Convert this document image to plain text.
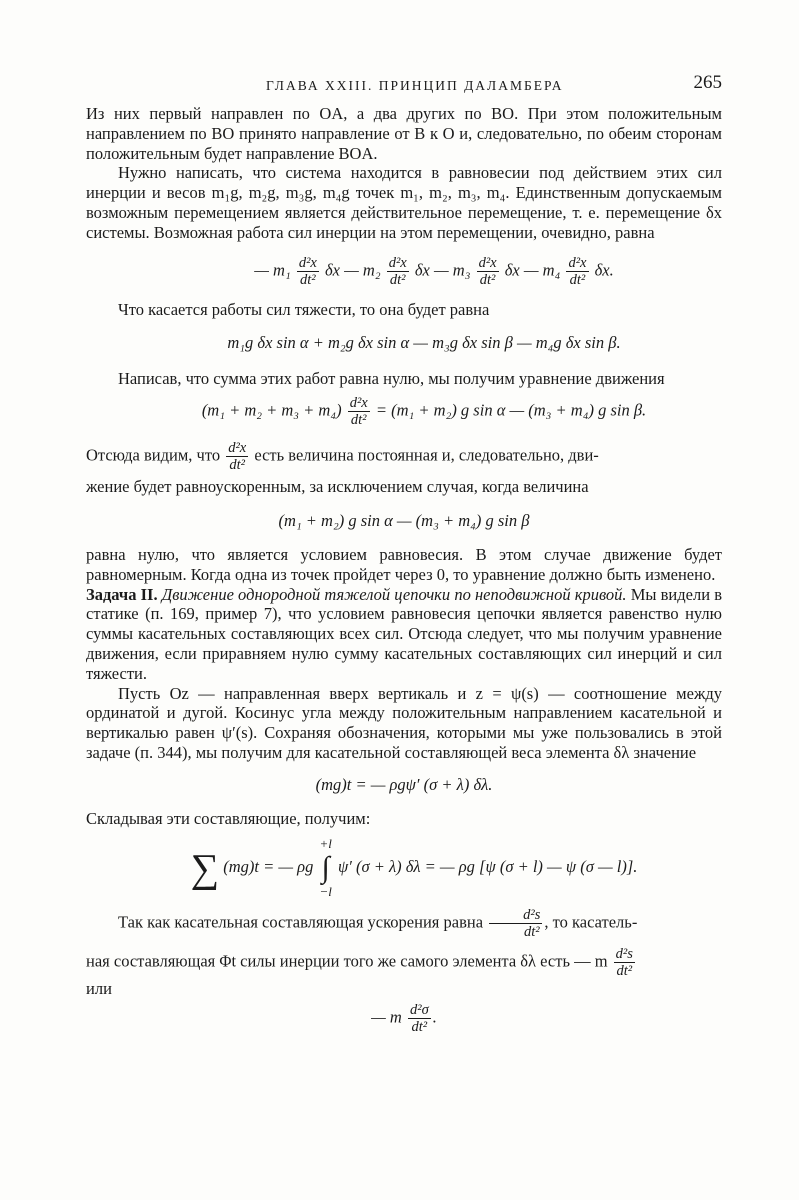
ГЛАВА XXIII. ПРИНЦИП ДАЛАМБЕРА	265

Из них первый направлен по OA, а два других по BO. При этом положительным направлением по BO принято направление от B к O и, следовательно, по обеим сторонам положительным будет направление BOA.

Нужно написать, что система находится в равновесии под действием этих сил инерции и весов m₁g, m₂g, m₃g, m₄g точек m₁, m₂, m₃, m₄. Единственным допускаемым возможным перемещением является действительное перемещение, т. е. перемещение δx системы. Возможная работа сил инерции на этом перемещении, очевидно, равна

— $m_1 \frac{\text{d²x}}{\text{dt²}}$ δx — $m_2 \frac{\text{d²x}}{\text{dt²}}$ δx — $m_3 \frac{\text{d²x}}{\text{dt²}}$ δx — $m_4 \frac{\text{d²x}}{\text{dt²}} \delta x$.

Что касается работы сил тяжести, то она будет равна

m₁g δx sin α + m₂g δx sin α — m₃g δx sin β — m₄g δx sin β.

Написав, что сумма этих работ равна нулю, мы получим уравнение движения

$(m_1 + m_2 + m_3 + m_4) \frac{\text{d²x}}{\text{dt²}} = (m_1 + m_2)$ g sin α — (m₃ + m₄) g sin β.

Отсюда видим, что $\frac{\text{d²x}}{\text{dt²}}$ есть величина постоянная и, следовательно, дви-

жение будет равноускоренным, за исключением случая, когда величина

(m₁ + m₂) g sin α — (m₃ + m₄) g sin β

равна нулю, что является условием равновесия. В этом случае движение будет равномерным. Когда одна из точек пройдет через 0, то уравнение должно быть изменено.

Задача II. Движение однородной тяжелой цепочки по неподвижной кривой. Мы видели в статике (п. 169, пример 7), что условием равновесия цепочки является равенство нулю суммы касательных составляющих всех сил. Отсюда следует, что мы получим уравнение движения, если приравняем нулю сумму касательных составляющих сил инерций и сил тяжести.

Пусть Oz — направленная вверх вертикаль и z = ψ(s) — соотношение между ординатой и дугой. Косинус угла между положительным направлением касательной и вертикалью равен ψ′(s). Сохраняя обозначения, которыми мы уже пользовались в этой задаче (п. 344), мы получим для касательной составляющей веса элемента δλ значение

(mg)t = — ρgψ′ (σ + λ) δλ.

Складывая эти составляющие, получим:

∑ (mg)t = — ρg
+l
∫
−l
ψ′ (σ + λ) δλ = — ρg [ψ (σ + l) — ψ (σ — l)].

Так как касательная составляющая ускорения равна $\frac{\text{d²s}}{\text{dt²}}$ , то касатель-

ная составляющая Φt силы инерции того же самого элемента δλ есть — m $\frac{\text{d²s}}{\text{dt²}}$

или

— m $\frac{\text{d²σ}}{\text{dt²}}$ .
